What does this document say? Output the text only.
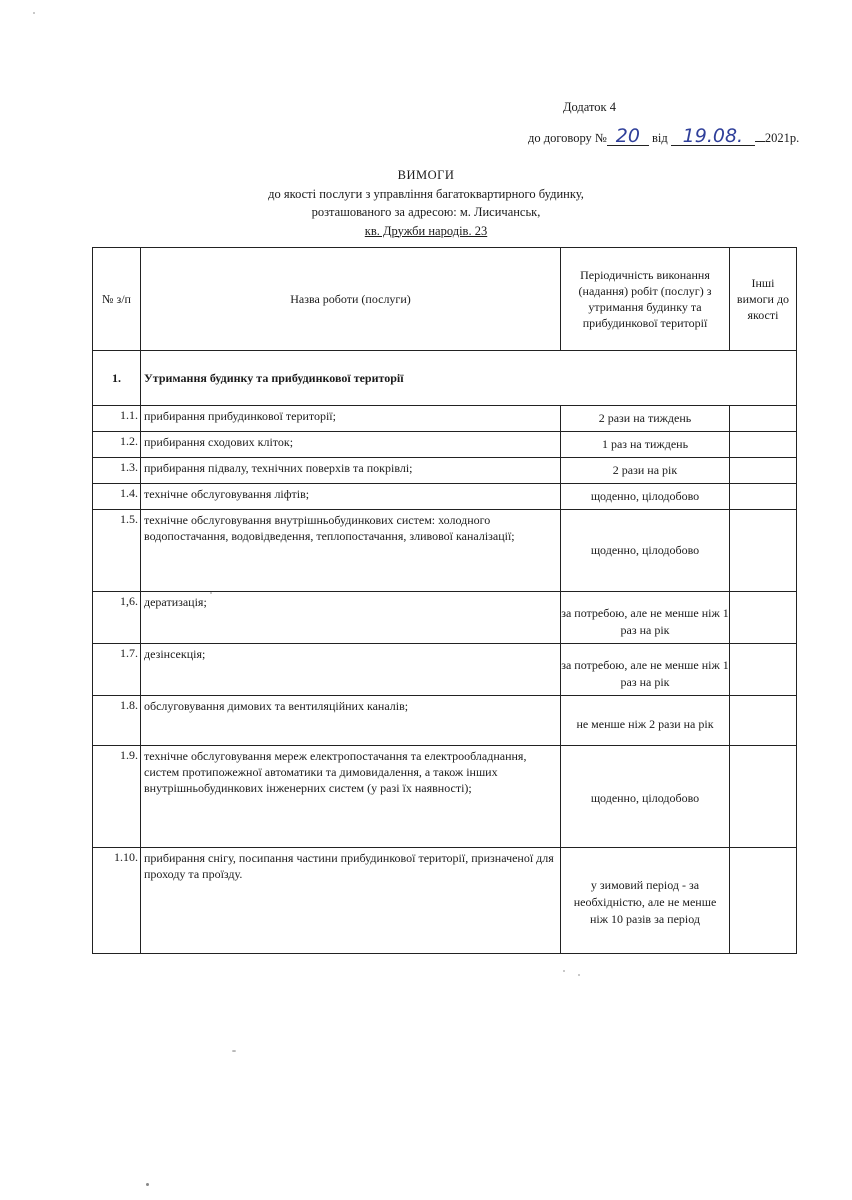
Додаток 4
до договору № 20 від 19.08. 2021р.
ВИМОГИ
до якості послуги з управління багатоквартирного будинку,
розташованого за адресою: м. Лисичанськ,
кв. Дружби народів. 23
№ з/п	Назва роботи (послуги)	Періодичність виконання (надання) робіт (послуг) з утримання будинку та прибудинкової території	Інші вимоги до якості
1.	Утримання будинку та прибудинкової території		
1.1.	прибирання прибудинкової території;	2 рази на тиждень	
1.2.	прибирання сходових кліток;	1 раз на тиждень	
1.3.	прибирання підвалу, технічних поверхів та покрівлі;	2 рази на рік	
1.4.	технічне обслуговування ліфтів;	щоденно, цілодобово	
1.5.	технічне обслуговування внутрішньобудинкових систем: холодного водопостачання, водовідведення, теплопостачання, зливової каналізації;	щоденно, цілодобово	
1,6.	дератизація;	за потребою, але не менше ніж 1 раз на рік	
1.7.	дезінсекція;	за потребою, але не менше ніж 1 раз на рік	
1.8.	обслуговування димових та вентиляційних каналів;	не менше ніж 2 рази на рік	
1.9.	технічне обслуговування мереж електропостачання та електрообладнання, систем протипожежної автоматики та димовидалення, а також інших внутрішньобудинкових інженерних систем (у разі їх наявності);	щоденно, цілодобово	
1.10.	прибирання снігу, посипання частини прибудинкової території, призначеної для проходу та проїзду.	у зимовий період - за необхідністю, але не менше ніж 10 разів за період	
